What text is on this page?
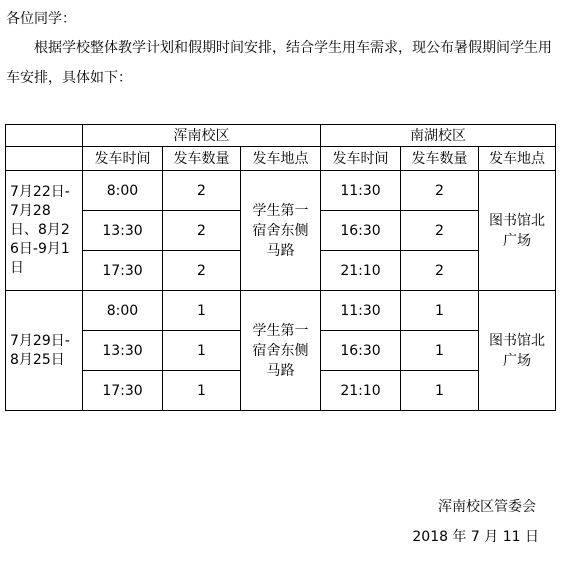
各位同学：
根据学校整体教学计划和假期时间安排，结合学生用车需求，现公布暑假期间学生用车安排，具体如下：
	浑南校区			南湖校区		
	发车时间	发车数量	发车地点	发车时间	发车数量	发车地点

7月22日-7月28日、8月26日-9月1日	8:00	2	学生第一宿舍东侧马路	11:30	2	图书馆北广场

	13:30	2		16:30	2	
	17:30	2		21:10	2	

7月29日-8月25日	8:00	1	学生第一宿舍东侧马路	11:30	1	图书馆北广场

	13:30	1		16:30	1	
	17:30	1		21:10	1	
浑南校区管委会
2018 年 7 月 11 日
